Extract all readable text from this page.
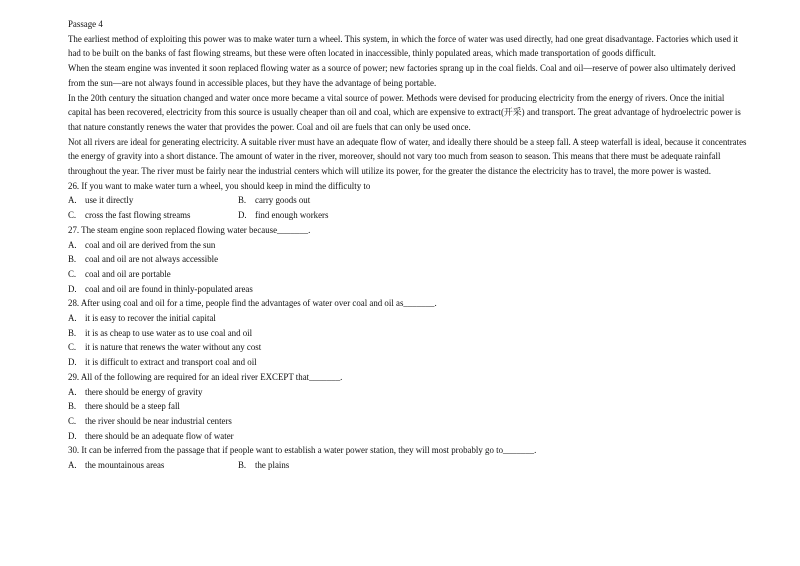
Passage 4

The earliest method of exploiting this power was to make water turn a wheel. This system, in which the force of water was used directly, had one great disadvantage. Factories which used it had to be built on the banks of fast flowing streams, but these were often located in inaccessible, thinly populated areas, which made transportation of goods difficult.

When the steam engine was invented it soon replaced flowing water as a source of power; new factories sprang up in the coal fields. Coal and oil—reserve of power also ultimately derived from the sun—are not always found in accessible places, but they have the advantage of being portable.

In the 20th century the situation changed and water once more became a vital source of power. Methods were devised for producing electricity from the energy of rivers. Once the initial capital has been recovered, electricity from this source is usually cheaper than oil and coal, which are expensive to extract(开采) and transport. The great advantage of hydroelectric power is that nature constantly renews the water that provides the power. Coal and oil are fuels that can only be used once.

Not all rivers are ideal for generating electricity. A suitable river must have an adequate flow of water, and ideally there should be a steep fall. A steep waterfall is ideal, because it concentrates the energy of gravity into a short distance. The amount of water in the river, moreover, should not vary too much from season to season. This means that there must be adequate rainfall throughout the year. The river must be fairly near the industrial centers which will utilize its power, for the greater the distance the electricity has to travel, the more power is wasted.

26. If you want to make water turn a wheel, you should keep in mind the difficulty to

A. use it directly	B. carry goods out
C. cross the fast flowing streams	D. find enough workers

27. The steam engine soon replaced flowing water because_______.

A. coal and oil are derived from the sun
B. coal and oil are not always accessible
C. coal and oil are portable
D. coal and oil are found in thinly-populated areas

28. After using coal and oil for a time, people find the advantages of water over coal and oil as_______.

A. it is easy to recover the initial capital
B. it is as cheap to use water as to use coal and oil
C. it is nature that renews the water without any cost
D. it is difficult to extract and transport coal and oil

29. All of the following are required for an ideal river EXCEPT that_______.

A. there should be energy of gravity
B. there should be a steep fall
C. the river should be near industrial centers
D. there should be an adequate flow of water

30. It can be inferred from the passage that if people want to establish a water power station, they will most probably go to_______.

A. the mountainous areas	B. the plains
